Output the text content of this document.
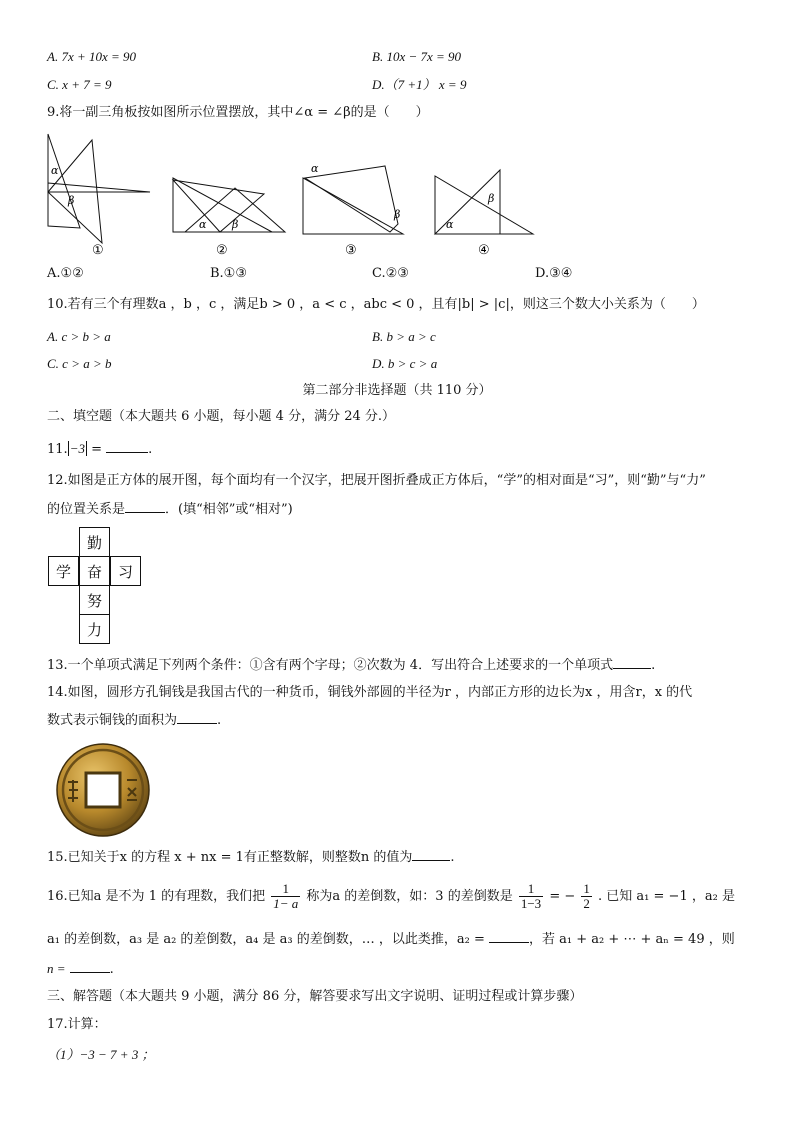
A. 7x + 10x = 90	B. 10x − 7x = 90
C. x + 7 = 9	D.（7 +1） x = 9
9.将一副三角板按如图所示位置摆放，其中∠α = ∠β的是（　　）
α
β
①
α β
②
α
β
③
α
β
④
A.①②	B.①③	C.②③	D.③④
10.若有三个有理数a ，b ，c ，满足b > 0 ，a < c ，abc < 0 ，且有|b| > |c|，则这三个数大小关系为（　　）
A. c > b > a	B. b > a > c
C. c > a > b	D. b > c > a
第二部分非选择题（共 110 分）
二、填空题（本大题共 6 小题，每小题 4 分，满分 24 分.）
11. −3 =	.
12.如图是正方体的展开图，每个面均有一个汉字，把展开图折叠成正方体后，“学”的相对面是“习”，则“勤”与“力”
的位置关系是	．(填“相邻”或“相对”)
勤
学	奋	习
努
力
13.一个单项式满足下列两个条件：①含有两个字母；②次数为 4．写出符合上述要求的一个单项式	.
14.如图，圆形方孔铜钱是我国古代的一种货币，铜钱外部圆的半径为r ，内部正方形的边长为x ，用含r，x 的代
数式表示铜钱的面积为	.
15.已知关于x 的方程 x + nx = 1有正整数解，则整数n 的值为	.
16.已知a 是不为 1 的有理数，我们把 $\frac{1}{1- a}$ 称为a 的差倒数，如：3 的差倒数是 $\frac{1}{1-3}$ = − $\frac{1}{2}$ . 已知 a₁ = −1 ，a₂ 是
a₁ 的差倒数，a₃ 是 a₂ 的差倒数，a₄ 是 a₃ 的差倒数，… ，以此类推，a₂ =	，若 a₁ + a₂ + ⋯ + aₙ = 49 ，则
n =	.
三、解答题（本大题共 9 小题，满分 86 分，解答要求写出文字说明、证明过程或计算步骤）
17.计算：
（1）−3 − 7 + 3 ；
